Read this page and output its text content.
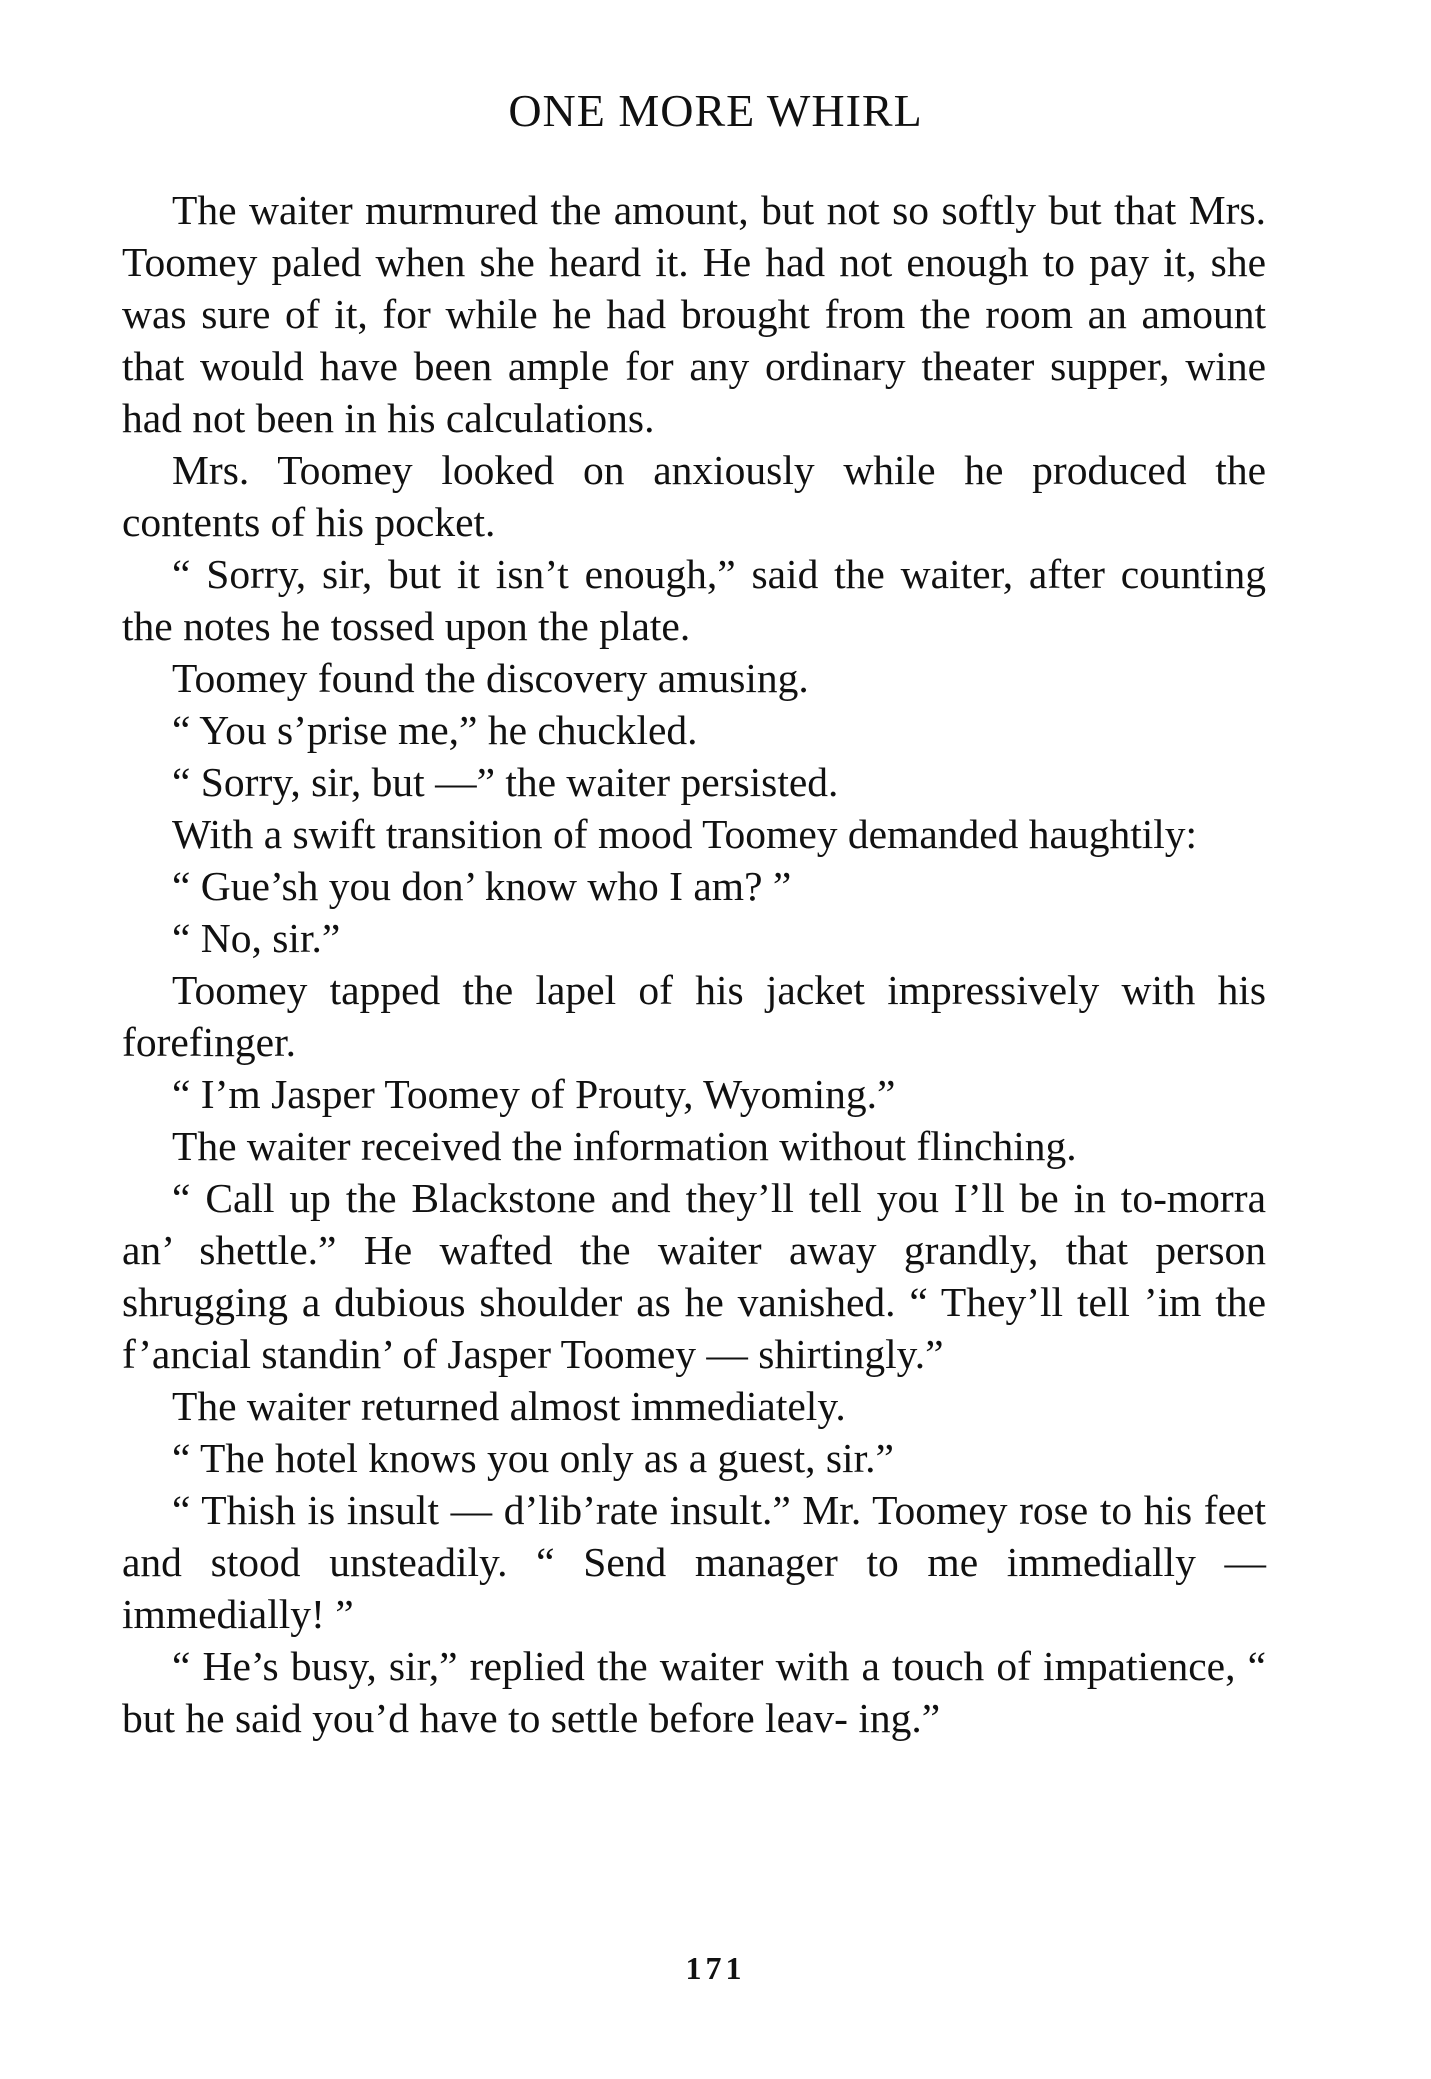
ONE MORE WHIRL

The waiter murmured the amount, but not so softly but that Mrs. Toomey paled when she heard it. He had not enough to pay it, she was sure of it, for while he had brought from the room an amount that would have been ample for any ordinary theater supper, wine had not been in his calculations.

Mrs. Toomey looked on anxiously while he produced the contents of his pocket.

“ Sorry, sir, but it isn’t enough,” said the waiter, after counting the notes he tossed upon the plate.

Toomey found the discovery amusing.

“ You s’prise me,” he chuckled.

“ Sorry, sir, but —” the waiter persisted.

With a swift transition of mood Toomey demanded haughtily:

“ Gue’sh you don’ know who I am? ”

“ No, sir.”

Toomey tapped the lapel of his jacket impressively with his forefinger.

“ I’m Jasper Toomey of Prouty, Wyoming.”

The waiter received the information without flinching.

“ Call up the Blackstone and they’ll tell you I’ll be in to-morra an’ shettle.” He wafted the waiter away grandly, that person shrugging a dubious shoulder as he vanished. “ They’ll tell ’im the f’ancial standin’ of Jasper Toomey — shirtingly.”

The waiter returned almost immediately.

“ The hotel knows you only as a guest, sir.”

“ Thish is insult — d’lib’rate insult.” Mr. Toomey rose to his feet and stood unsteadily. “ Send manager to me immedially — immedially! ”

“ He’s busy, sir,” replied the waiter with a touch of impatience, “ but he said you’d have to settle before leav- ing.”

171
